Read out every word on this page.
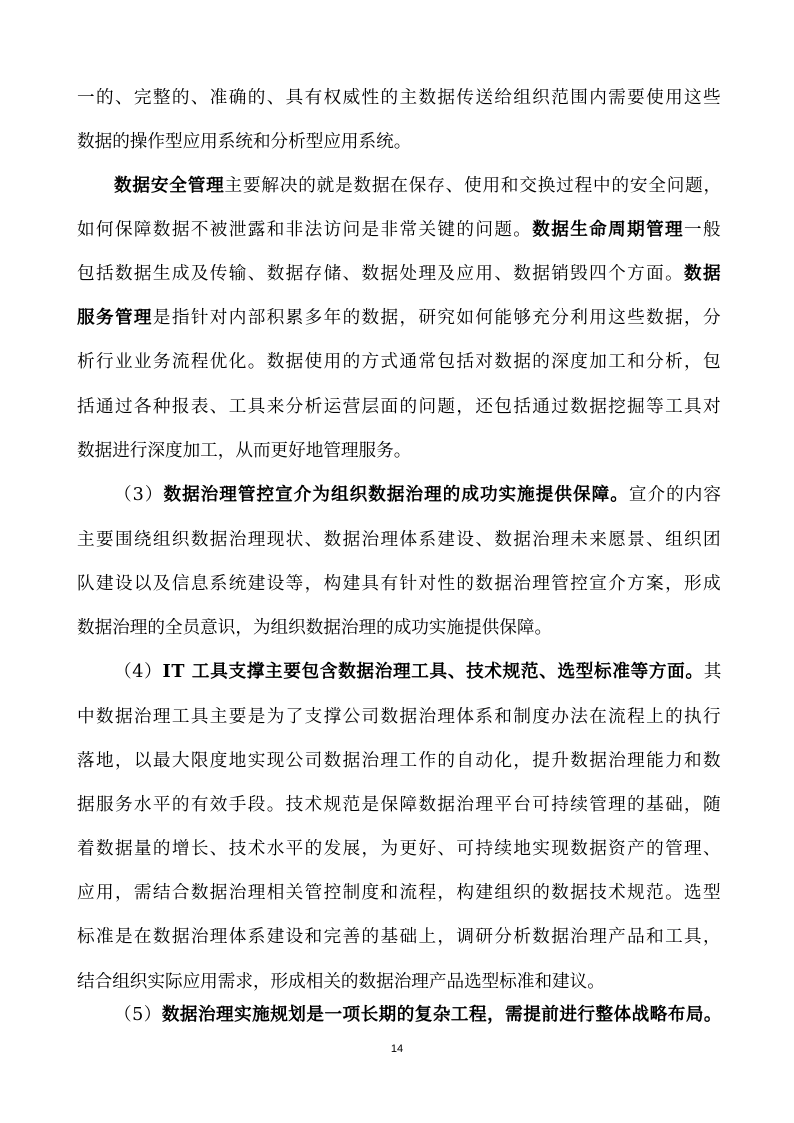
一的、完整的、准确的、具有权威性的主数据传送给组织范围内需要使用这些
数据的操作型应用系统和分析型应用系统。
数据安全管理 主要解决的就是数据在保存、使用和交换过程中的安全问题，
如何保障数据不被泄露和非法访问是非常关键的问题。 数据生命周期管理 一般
包括数据生成及传输、数据存储、数据处理及应用、数据销毁四个方面。 数据
服务管理 是指针对内部积累多年的数据，研究如何能够充分利用这些数据，分
析行业业务流程优化。数据使用的方式通常包括对数据的深度加工和分析，包
括通过各种报表、工具来分析运营层面的问题，还包括通过数据挖掘等工具对
数据进行深度加工，从而更好地管理服务。
（3） 数据治理管控宣介为组织数据治理的成功实施提供保障。 宣介的内容
主要围绕组织数据治理现状、数据治理体系建设、数据治理未来愿景、组织团
队建设以及信息系统建设等，构建具有针对性的数据治理管控宣介方案，形成
数据治理的全员意识，为组织数据治理的成功实施提供保障。
（4） IT 工具支撑主要包含数据治理工具、技术规范、选型标准等方面。 其
中数据治理工具主要是为了支撑公司数据治理体系和制度办法在流程上的执行
落地，以最大限度地实现公司数据治理工作的自动化，提升数据治理能力和数
据服务水平的有效手段。技术规范是保障数据治理平台可持续管理的基础，随
着数据量的增长、技术水平的发展，为更好、可持续地实现数据资产的管理、
应用，需结合数据治理相关管控制度和流程，构建组织的数据技术规范。选型
标准是在数据治理体系建设和完善的基础上，调研分析数据治理产品和工具，
结合组织实际应用需求，形成相关的数据治理产品选型标准和建议。
（5） 数据治理实施规划是一项长期的复杂工程，需提前进行整体战略布局。
14
